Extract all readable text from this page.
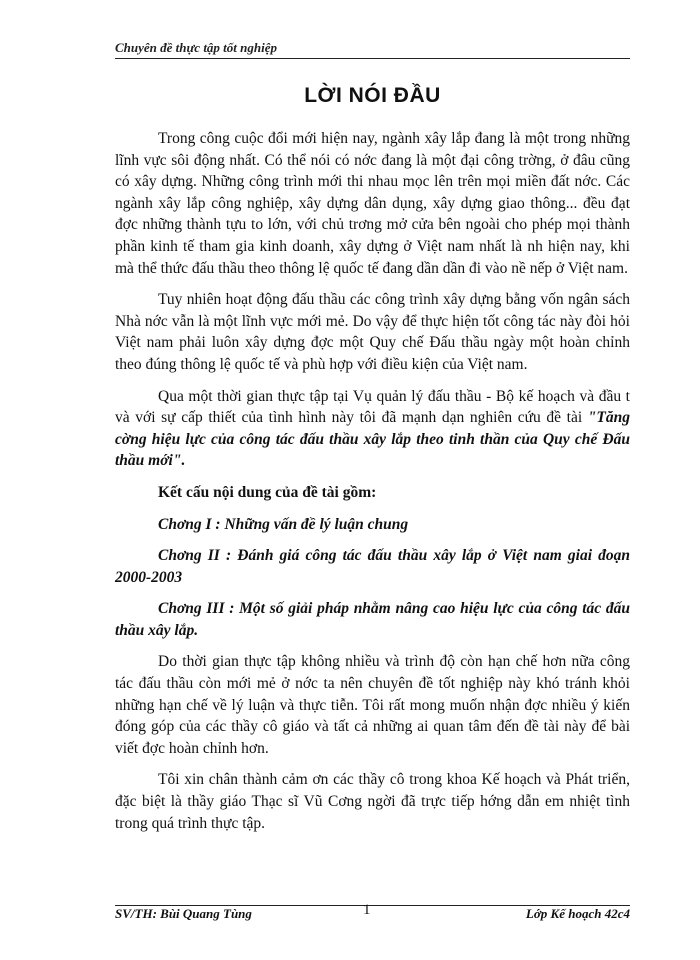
Chuyên đề thực tập tốt nghiệp
LỜI NÓI ĐẦU

Trong công cuộc đổi mới hiện nay, ngành xây lắp đang là một trong những lĩnh vực sôi động nhất. Có thể nói có nớc đang là một đại công trờng, ở đâu cũng có xây dựng. Những công trình mới thi nhau mọc lên trên mọi miền đất nớc. Các ngành xây lắp công nghiệp, xây dựng dân dụng, xây dựng giao thông... đều đạt đợc những thành tựu to lớn, với chủ trơng mở cửa bên ngoài cho phép mọi thành phần kinh tế tham gia kinh doanh, xây dựng ở Việt nam nhất là nh hiện nay, khi mà thể thức đấu thầu theo thông lệ quốc tế đang dần dần đi vào nề nếp ở Việt nam.

Tuy nhiên hoạt động đấu thầu các công trình xây dựng bằng vốn ngân sách Nhà nớc vẫn là một lĩnh vực mới mẻ. Do vậy để thực hiện tốt công tác này đòi hỏi Việt nam phải luôn xây dựng đợc một Quy chế Đấu thầu ngày một hoàn chỉnh theo đúng thông lệ quốc tế và phù hợp với điều kiện của Việt nam.

Qua một thời gian thực tập tại Vụ quản lý đấu thầu - Bộ kế hoạch và đầu t và với sự cấp thiết của tình hình này tôi đã mạnh dạn nghiên cứu đề tài "Tăng cờng hiệu lực của công tác đấu thầu xây lắp theo tinh thần của Quy chế Đấu thầu mới".

Kết cấu nội dung của đề tài gồm:

Chơng I : Những vấn đề lý luận chung

Chơng II : Đánh giá công tác đấu thầu xây lắp ở Việt nam giai đoạn 2000-2003

Chơng III : Một số giải pháp nhằm nâng cao hiệu lực của công tác đấu thầu xây lắp.

Do thời gian thực tập không nhiều và trình độ còn hạn chế hơn nữa công tác đấu thầu còn mới mẻ ở nớc ta nên chuyên đề tốt nghiệp này khó tránh khỏi những hạn chế về lý luận và thực tiễn. Tôi rất mong muốn nhận đợc nhiều ý kiến đóng góp của các thầy cô giáo và tất cả những ai quan tâm đến đề tài này để bài viết đợc hoàn chỉnh hơn.

Tôi xin chân thành cảm ơn các thầy cô trong khoa Kế hoạch và Phát triển, đặc biệt là thầy giáo Thạc sĩ Vũ Cơng ngời đã trực tiếp hớng dẫn em nhiệt tình trong quá trình thực tập.

SV/TH: Bùi Quang Tùng	1	Lớp Kế hoạch 42c4
